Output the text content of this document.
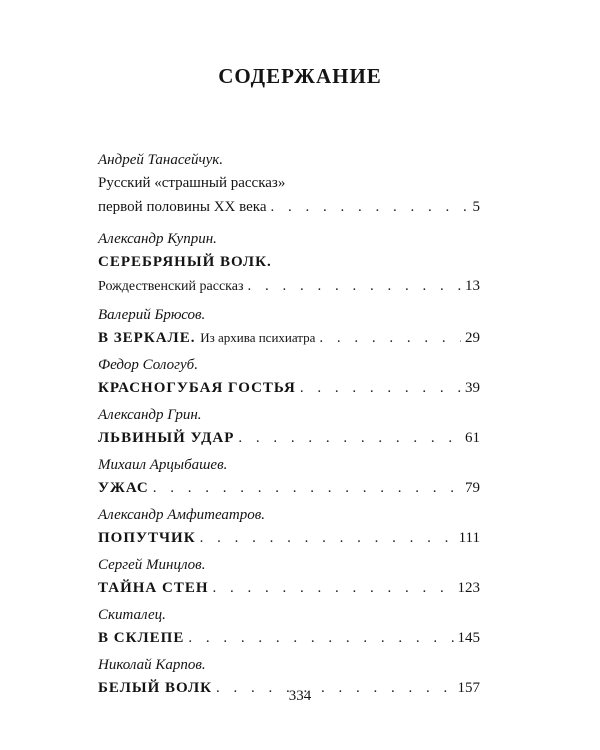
СОДЕРЖАНИЕ
Андрей Танасейчук.
Русский «страшный рассказ»
первой половины XX века . . .	5
Александр Куприн.
СЕРЕБРЯНЫЙ ВОЛК.
Рождественский рассказ . . .	13
Валерий Брюсов.
В ЗЕРКАЛЕ. Из архива психиатра . . .	29
Федор Сологуб.
КРАСНОГУБАЯ ГОСТЬЯ . . .	39
Александр Грин.
ЛЬВИНЫЙ УДАР . . .	61
Михаил Арцыбашев.
УЖАС . . .	79
Александр Амфитеатров.
ПОПУТЧИК . . .	111
Сергей Минцлов.
ТАЙНА СТЕН . . .	123
Скиталец.
В СКЛЕПЕ . . .	145
Николай Карпов.
БЕЛЫЙ ВОЛК . . .	157
334
